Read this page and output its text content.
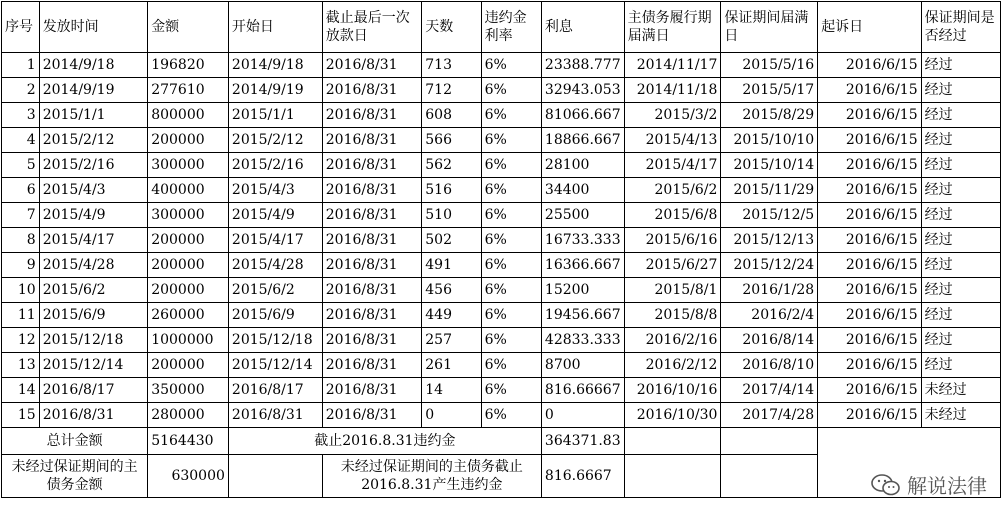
序号	发放时间	金额	开始日	截止最后一次放款日	天数	违约金利率	利息	主债务履行期届满日	保证期间届满日	起诉日	保证期间是否经过
1	2014/9/18	196820	2014/9/18	2016/8/31	713	6%	23388.777	2014/11/17	2015/5/16	2016/6/15	经过
2	2014/9/19	277610	2014/9/19	2016/8/31	712	6%	32943.053	2014/11/18	2015/5/17	2016/6/15	经过
3	2015/1/1	800000	2015/1/1	2016/8/31	608	6%	81066.667	2015/3/2	2015/8/29	2016/6/15	经过
4	2015/2/12	200000	2015/2/12	2016/8/31	566	6%	18866.667	2015/4/13	2015/10/10	2016/6/15	经过
5	2015/2/16	300000	2015/2/16	2016/8/31	562	6%	28100	2015/4/17	2015/10/14	2016/6/15	经过
6	2015/4/3	400000	2015/4/3	2016/8/31	516	6%	34400	2015/6/2	2015/11/29	2016/6/15	经过
7	2015/4/9	300000	2015/4/9	2016/8/31	510	6%	25500	2015/6/8	2015/12/5	2016/6/15	经过
8	2015/4/17	200000	2015/4/17	2016/8/31	502	6%	16733.333	2015/6/16	2015/12/13	2016/6/15	经过
9	2015/4/28	200000	2015/4/28	2016/8/31	491	6%	16366.667	2015/6/27	2015/12/24	2016/6/15	经过
10	2015/6/2	200000	2015/6/2	2016/8/31	456	6%	15200	2015/8/1	2016/1/28	2016/6/15	经过
11	2015/6/9	260000	2015/6/9	2016/8/31	449	6%	19456.667	2015/8/8	2016/2/4	2016/6/15	经过
12	2015/12/18	1000000	2015/12/18	2016/8/31	257	6%	42833.333	2016/2/16	2016/8/14	2016/6/15	经过
13	2015/12/14	200000	2015/12/14	2016/8/31	261	6%	8700	2016/2/12	2016/8/10	2016/6/15	经过
14	2016/8/17	350000	2016/8/17	2016/8/31	14	6%	816.66667	2016/10/16	2017/4/14	2016/6/15	未经过
15	2016/8/31	280000	2016/8/31	2016/8/31	0	6%	0	2016/10/30	2017/4/28	2016/6/15	未经过
总计金额		5164430	截止2016.8.31违约金				364371.83				
未经过保证期间的主债务金额		630000		未经过保证期间的主债务截止2016.8.31产生违约金			816.6667					解说法律
